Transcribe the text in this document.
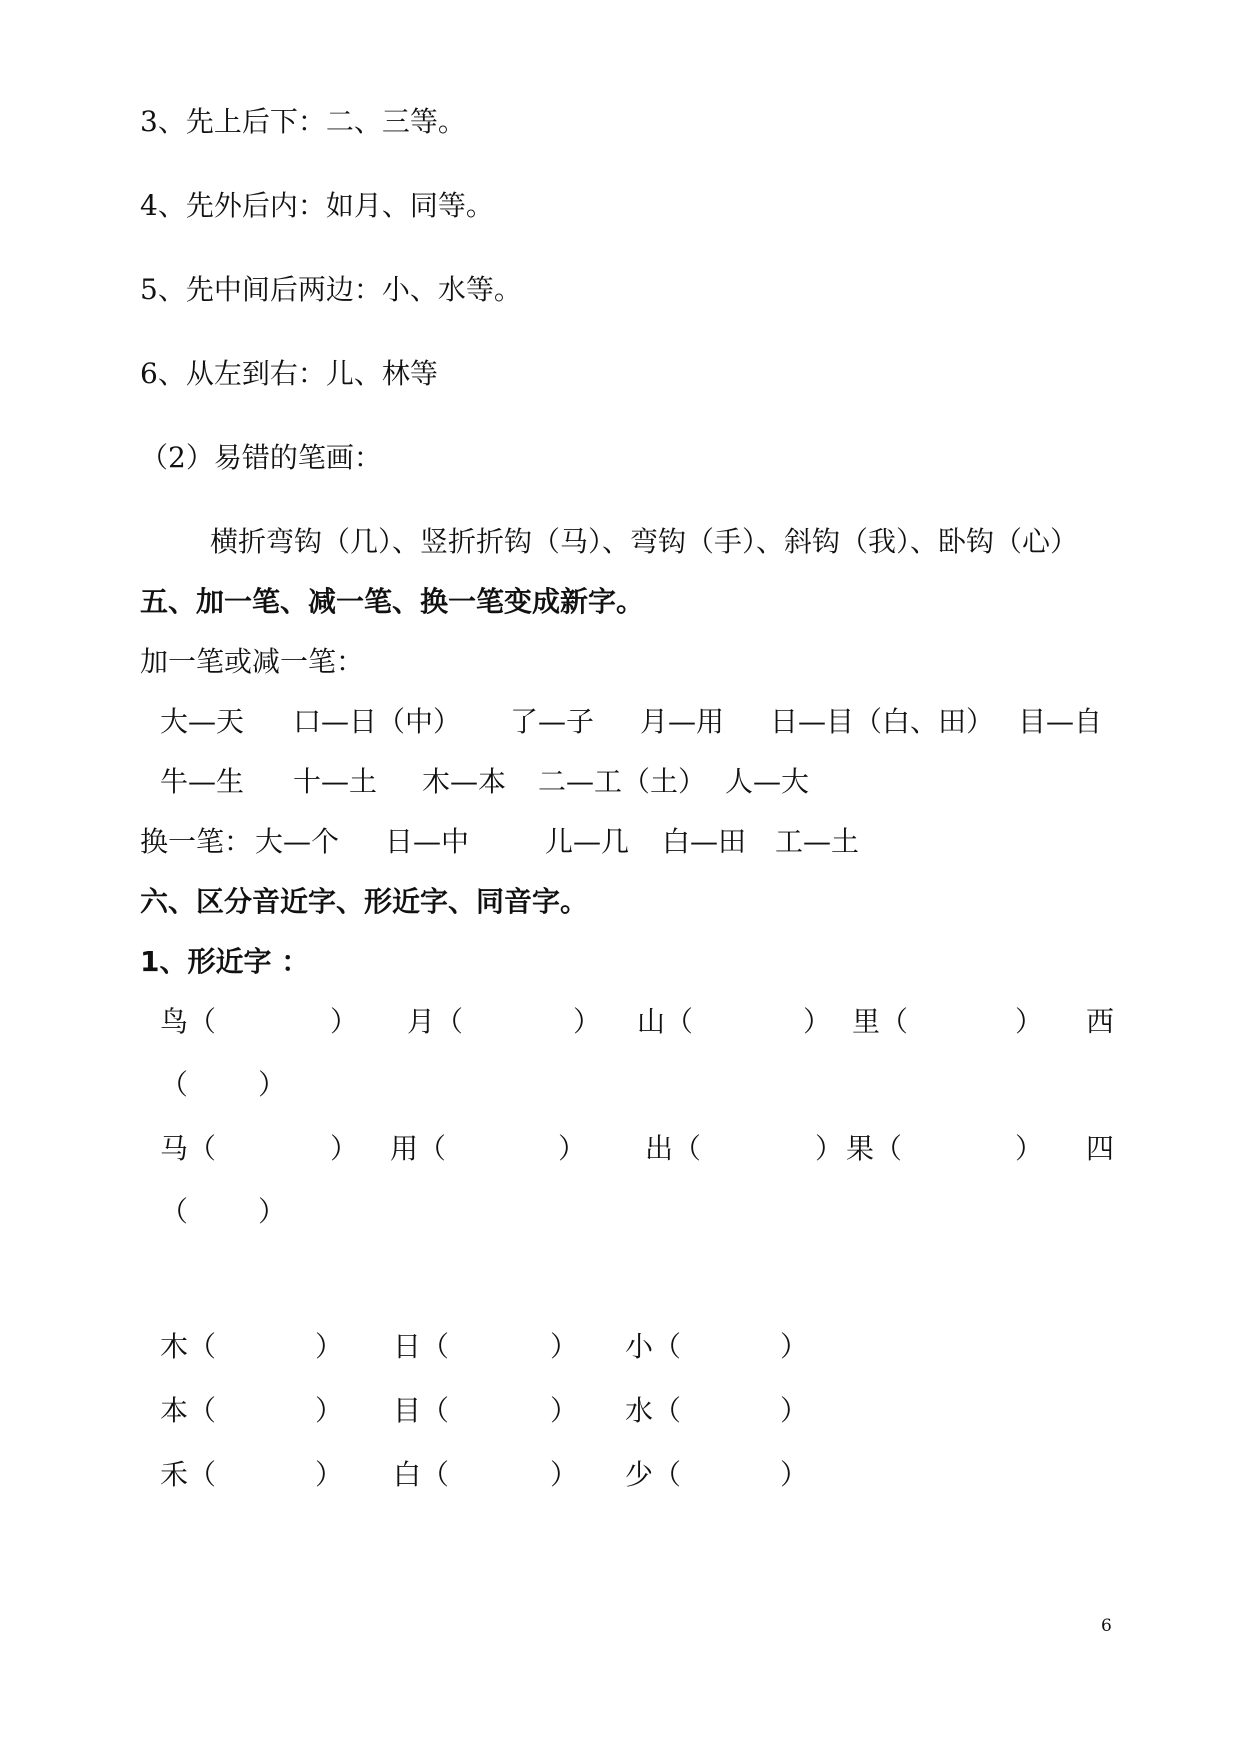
3、先上后下：二、三等。
4、先外后内：如月、同等。
5、先中间后两边：小、水等。
6、从左到右：儿、林等
（2）易错的笔画：
横折弯钩（几）、竖折折钩（马）、弯钩（手）、斜钩（我）、卧钩（心）
五、加一笔、减一笔、换一笔变成新字。
加一笔或减一笔：
大—天 口—日（中） 了—子 月—用 日—目（白、田） 目—自
牛—生 十—土 木—本 二—工（土） 人—大
换一笔： 大—个 日—中	儿—几 白—田 工—土
六、区分音近字、形近字、同音字。
1、形近字 ：
鸟（	） 月（	） 山（	） 里（	） 西
（ ）
马（	） 用（	） 出（	） 果（	） 四
（ ）
木（	） 日（	） 小（	）
本（	） 目（	） 水（	）
禾（	） 白（	） 少（	）
6
